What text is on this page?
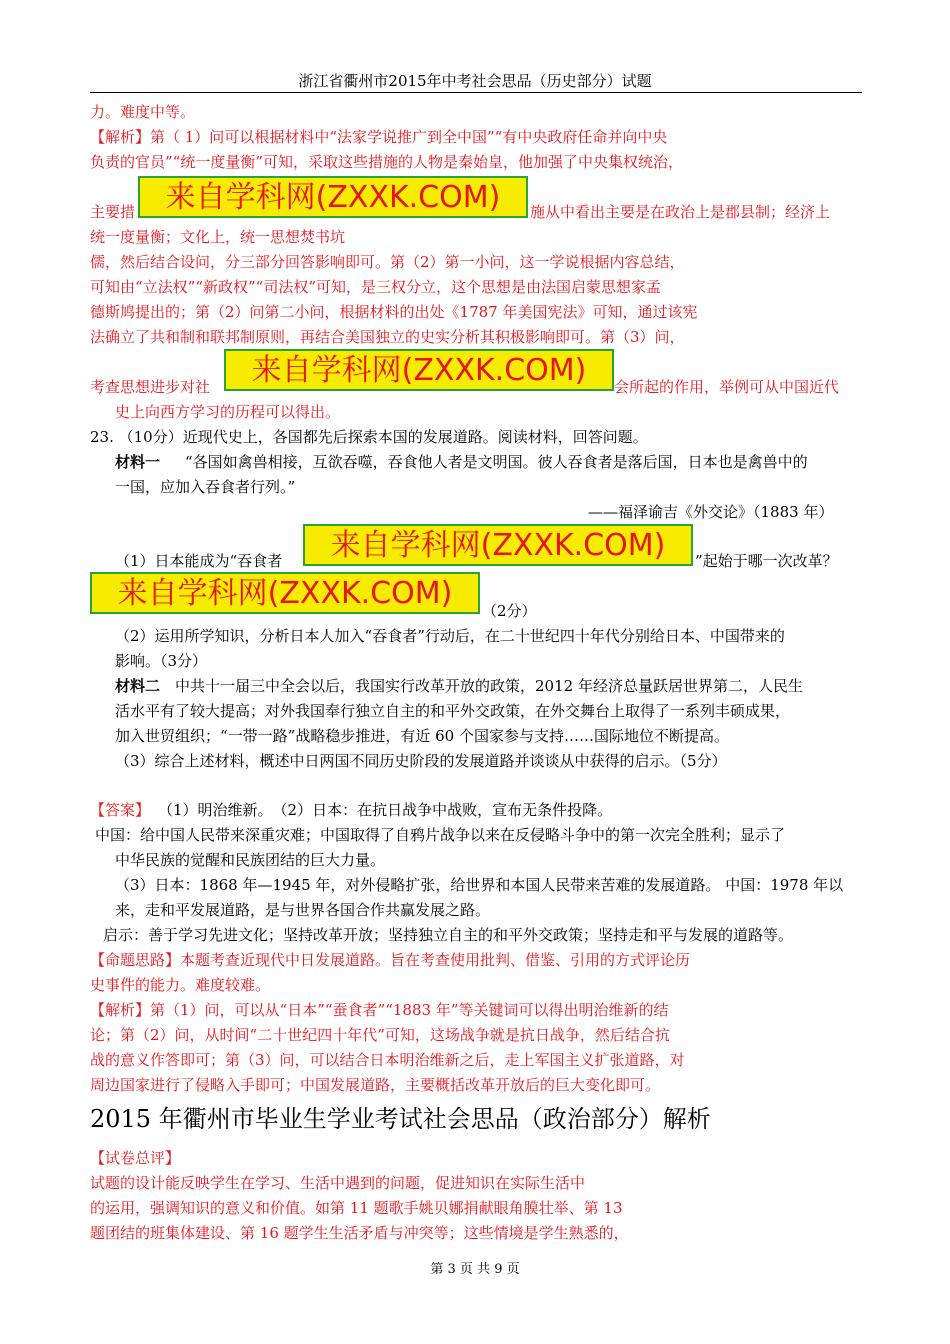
浙江省衢州市2015年中考社会思品（历史部分）试题
力。难度中等。
【解析】第（ 1）问可以根据材料中“法家学说推广到全中国”“有中央政府任命并向中央
负责的官员”“统一度量衡”可知，采取这些措施的人物是秦始皇，他加强了中央集权统治，
主要措	来自学科网(ZXXK.COM)	施从中看出主要是在政治上是郡县制；经济上
统一度量衡；文化上，统一思想焚书坑
儒，然后结合设问，分三部分回答影响即可。第（2）第一小问，这一学说根据内容总结，
可知由“立法权”“新政权”“司法权”可知，是三权分立，这个思想是由法国启蒙思想家孟
德斯鸠提出的；第（2）问第二小问，根据材料的出处《1787 年美国宪法》可知，通过该宪
法确立了共和制和联邦制原则，再结合美国独立的史实分析其积极影响即可。第（3）问，
考查思想进步对社	来自学科网(ZXXK.COM)	会所起的作用，举例可从中国近代
史上向西方学习的历程可以得出。
23. （10分）近现代史上，各国都先后探索本国的发展道路。阅读材料，回答问题。
材料一 “各国如禽兽相接，互欲吞噬，吞食他人者是文明国。彼人吞食者是落后国，日本也是禽兽中的
一国，应加入吞食者行列。”
——福泽谕吉《外交论》（1883 年）
（1）日本能成为“吞食者	来自学科网(ZXXK.COM)	”起始于哪一次改革？
来自学科网(ZXXK.COM)	（2分）
（2）运用所学知识，分析日本人加入“吞食者”行动后，在二十世纪四十年代分别给日本、中国带来的
影响。（3分）
材料二 中共十一届三中全会以后，我国实行改革开放的政策，2012 年经济总量跃居世界第二，人民生
活水平有了较大提高；对外我国奉行独立自主的和平外交政策，在外交舞台上取得了一系列丰硕成果，
加入世贸组织；“一带一路”战略稳步推进，有近 60 个国家参与支持……国际地位不断提高。
（3）综合上述材料，概述中日两国不同历史阶段的发展道路并谈谈从中获得的启示。（5分）
【答案】 （1）明治维新。　（2）日本：在抗日战争中战败，宣布无条件投降。
中国：给中国人民带来深重灾难；中国取得了自鸦片战争以来在反侵略斗争中的第一次完全胜利；显示了
中华民族的觉醒和民族团结的巨大力量。
（3）日本：1868 年—1945 年，对外侵略扩张，给世界和本国人民带来苦难的发展道路。 中国：1978 年以
来，走和平发展道路，是与世界各国合作共赢发展之路。
启示：善于学习先进文化；坚持改革开放；坚持独立自主的和平外交政策；坚持走和平与发展的道路等。
【命题思路】本题考查近现代中日发展道路。旨在考查使用批判、借鉴、引用的方式评论历
史事件的能力。难度较难。
【解析】第（1）问，可以从“日本”“蚕食者”“1883 年”等关键词可以得出明治维新的结
论；第（2）问，从时间“二十世纪四十年代”可知，这场战争就是抗日战争，然后结合抗
战的意义作答即可；第（3）问，可以结合日本明治维新之后，走上军国主义扩张道路，对
周边国家进行了侵略入手即可；中国发展道路，主要概括改革开放后的巨大变化即可。
2015 年衢州市毕业生学业考试社会思品（政治部分）解析
【试卷总评】
试题的设计能反映学生在学习、生活中遇到的问题，促进知识在实际生活中
的运用，强调知识的意义和价值。如第 11 题歌手姚贝娜捐献眼角膜壮举、第 13
题团结的班集体建设、第 16 题学生生活矛盾与冲突等；这些情境是学生熟悉的，
第 3 页 共 9 页
